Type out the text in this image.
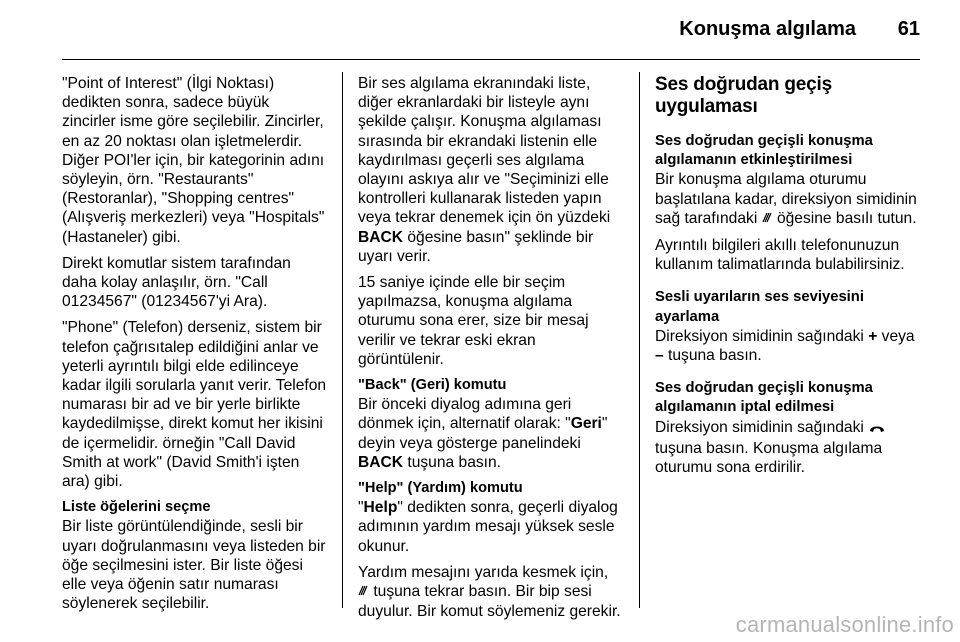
Konuşma algılama 61

"Point of Interest" (İlgi Noktası) dedikten sonra, sadece büyük zincirler isme göre seçilebilir. Zincirler, en az 20 noktası olan işletmelerdir. Diğer POI'ler için, bir kategorinin adını söyleyin, örn. "Restaurants" (Restoranlar), "Shopping centres" (Alışveriş merkezleri) veya "Hospitals" (Hastaneler) gibi.

Direkt komutlar sistem tarafından daha kolay anlaşılır, örn. "Call 01234567" (01234567'yi Ara).

"Phone" (Telefon) derseniz, sistem bir telefon çağrısıtalep edildiğini anlar ve yeterli ayrıntılı bilgi elde edilinceye kadar ilgili sorularla yanıt verir. Telefon numarası bir ad ve bir yerle birlikte kaydedilmişse, direkt komut her ikisini de içermelidir. örneğin "Call David Smith at work" (David Smith'i işten ara) gibi.

Liste öğelerini seçme

Bir liste görüntülendiğinde, sesli bir uyarı doğrulanmasını veya listeden bir öğe seçilmesini ister. Bir liste öğesi elle veya öğenin satır numarası söylenerek seçilebilir.

Bir ses algılama ekranındaki liste, diğer ekranlardaki bir listeyle aynı şekilde çalışır. Konuşma algılaması sırasında bir ekrandaki listenin elle kaydırılması geçerli ses algılama olayını askıya alır ve "Seçiminizi elle kontrolleri kullanarak listeden yapın veya tekrar denemek için ön yüzdeki BACK öğesine basın" şeklinde bir uyarı verir.

15 saniye içinde elle bir seçim yapılmazsa, konuşma algılama oturumu sona erer, size bir mesaj verilir ve tekrar eski ekran görüntülenir.

"Back" (Geri) komutu

Bir önceki diyalog adımına geri dönmek için, alternatif olarak: "Geri" deyin veya gösterge panelindeki BACK tuşuna basın.

"Help" (Yardım) komutu

"Help" dedikten sonra, geçerli diyalog adımının yardım mesajı yüksek sesle okunur.

Yardım mesajını yarıda kesmek için,  tuşuna tekrar basın. Bir bip sesi duyulur. Bir komut söylemeniz gerekir.

Ses doğrudan geçiş uygulaması
Ses doğrudan geçişli konuşma algılamanın etkinleştirilmesi

Bir konuşma algılama oturumu başlatılana kadar, direksiyon simidinin sağ tarafındaki  öğesine basılı tutun.

Ayrıntılı bilgileri akıllı telefonunuzun kullanım talimatlarında bulabilirsiniz.

Sesli uyarıların ses seviyesini ayarlama

Direksiyon simidinin sağındaki + veya – tuşuna basın.

Ses doğrudan geçişli konuşma algılamanın iptal edilmesi

Direksiyon simidinin sağındaki  tuşuna basın. Konuşma algılama oturumu sona erdirilir.

carmanualsonline.info
